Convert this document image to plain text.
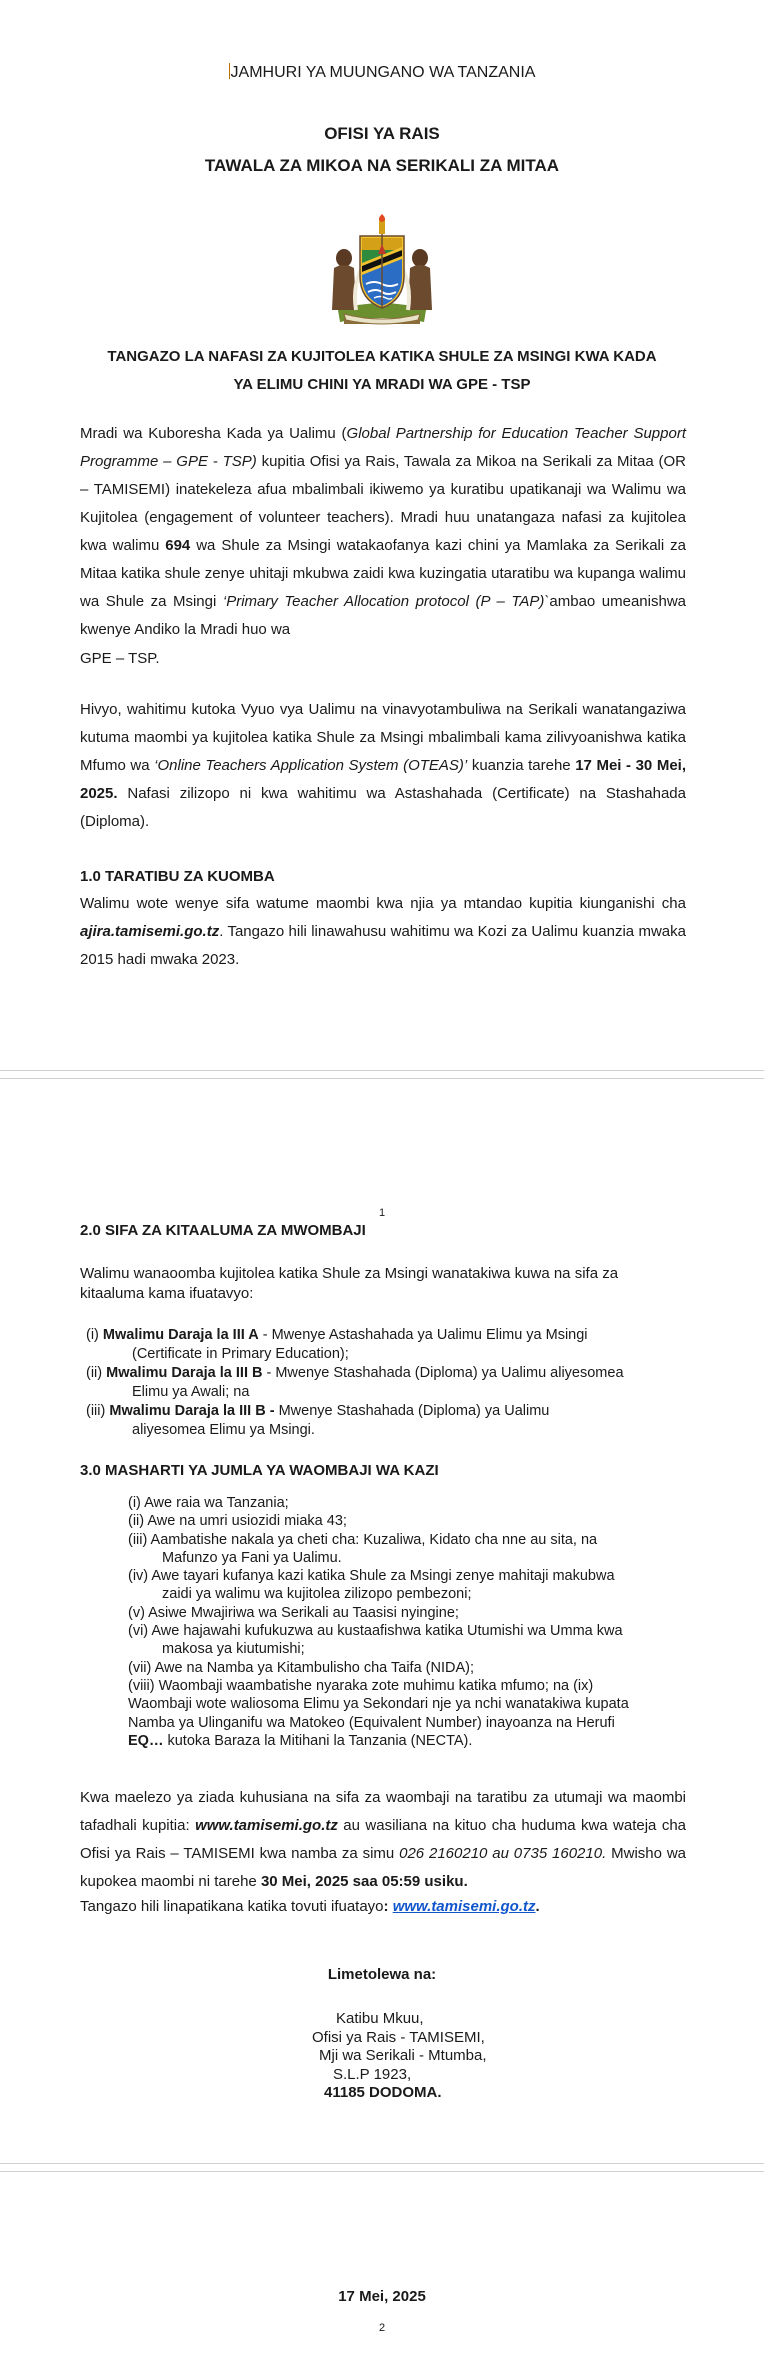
JAMHURI YA MUUNGANO WA TANZANIA
OFISI YA RAIS
TAWALA ZA MIKOA NA SERIKALI ZA MITAA
TANGAZO LA NAFASI ZA KUJITOLEA KATIKA SHULE ZA MSINGI KWA KADA
YA ELIMU CHINI YA MRADI WA GPE - TSP

Mradi wa Kuboresha Kada ya Ualimu (Global Partnership for Education Teacher Support Programme – GPE - TSP) kupitia Ofisi ya Rais, Tawala za Mikoa na Serikali za Mitaa (OR – TAMISEMI) inatekeleza afua mbalimbali ikiwemo ya kuratibu upatikanaji wa Walimu wa Kujitolea (engagement of volunteer teachers). Mradi huu unatangaza nafasi za kujitolea kwa walimu 694 wa Shule za Msingi watakaofanya kazi chini ya Mamlaka za Serikali za Mitaa katika shule zenye uhitaji mkubwa zaidi kwa kuzingatia utaratibu wa kupanga walimu wa Shule za Msingi ‘Primary Teacher Allocation protocol (P – TAP)`ambao umeanishwa kwenye Andiko la Mradi huo wa

GPE – TSP.

Hivyo, wahitimu kutoka Vyuo vya Ualimu na vinavyotambuliwa na Serikali wanatangaziwa kutuma maombi ya kujitolea katika Shule za Msingi mbalimbali kama zilivyoanishwa katika Mfumo wa ‘Online Teachers Application System (OTEAS)’ kuanzia tarehe 17 Mei - 30 Mei, 2025. Nafasi zilizopo ni kwa wahitimu wa Astashahada (Certificate) na Stashahada (Diploma).

1.0 TARATIBU ZA KUOMBA

Walimu wote wenye sifa watume maombi kwa njia ya mtandao kupitia kiunganishi cha ajira.tamisemi.go.tz. Tangazo hili linawahusu wahitimu wa Kozi za Ualimu kuanzia mwaka 2015 hadi mwaka 2023.

1
2.0 SIFA ZA KITAALUMA ZA MWOMBAJI

Walimu wanaoomba kujitolea katika Shule za Msingi wanatakiwa kuwa na sifa za kitaaluma kama ifuatavyo:

(i) Mwalimu Daraja la III A - Mwenye Astashahada ya Ualimu Elimu ya Msingi
(Certificate in Primary Education);
(ii) Mwalimu Daraja la III B - Mwenye Stashahada (Diploma) ya Ualimu aliyesomea
Elimu ya Awali; na
(iii) Mwalimu Daraja la III B - Mwenye Stashahada (Diploma) ya Ualimu
aliyesomea Elimu ya Msingi.
3.0 MASHARTI YA JUMLA YA WAOMBAJI WA KAZI
(i) Awe raia wa Tanzania;
(ii) Awe na umri usiozidi miaka 43;
(iii) Aambatishe nakala ya cheti cha: Kuzaliwa, Kidato cha nne au sita, na
Mafunzo ya Fani ya Ualimu.
(iv) Awe tayari kufanya kazi katika Shule za Msingi zenye mahitaji makubwa
zaidi ya walimu wa kujitolea zilizopo pembezoni;
(v) Asiwe Mwajiriwa wa Serikali au Taasisi nyingine;
(vi) Awe hajawahi kufukuzwa au kustaafishwa katika Utumishi wa Umma kwa
makosa ya kiutumishi;
(vii) Awe na Namba ya Kitambulisho cha Taifa (NIDA);
(viii) Waombaji waambatishe nyaraka zote muhimu katika mfumo; na (ix)
Waombaji wote waliosoma Elimu ya Sekondari nje ya nchi wanatakiwa kupata
Namba ya Ulinganifu wa Matokeo (Equivalent Number) inayoanza na Herufi
EQ… kutoka Baraza la Mitihani la Tanzania (NECTA).

Kwa maelezo ya ziada kuhusiana na sifa za waombaji na taratibu za utumaji wa maombi tafadhali kupitia: www.tamisemi.go.tz au wasiliana na kituo cha huduma kwa wateja cha Ofisi ya Rais – TAMISEMI kwa namba za simu 026 2160210 au 0735 160210. Mwisho wa kupokea maombi ni tarehe 30 Mei, 2025 saa 05:59 usiku.

Tangazo hili linapatikana katika tovuti ifuatayo: www.tamisemi.go.tz.
Limetolewa na:
Katibu Mkuu,
Ofisi ya Rais - TAMISEMI,
Mji wa Serikali - Mtumba,
S.L.P 1923,
41185 DODOMA.
17 Mei, 2025
2
